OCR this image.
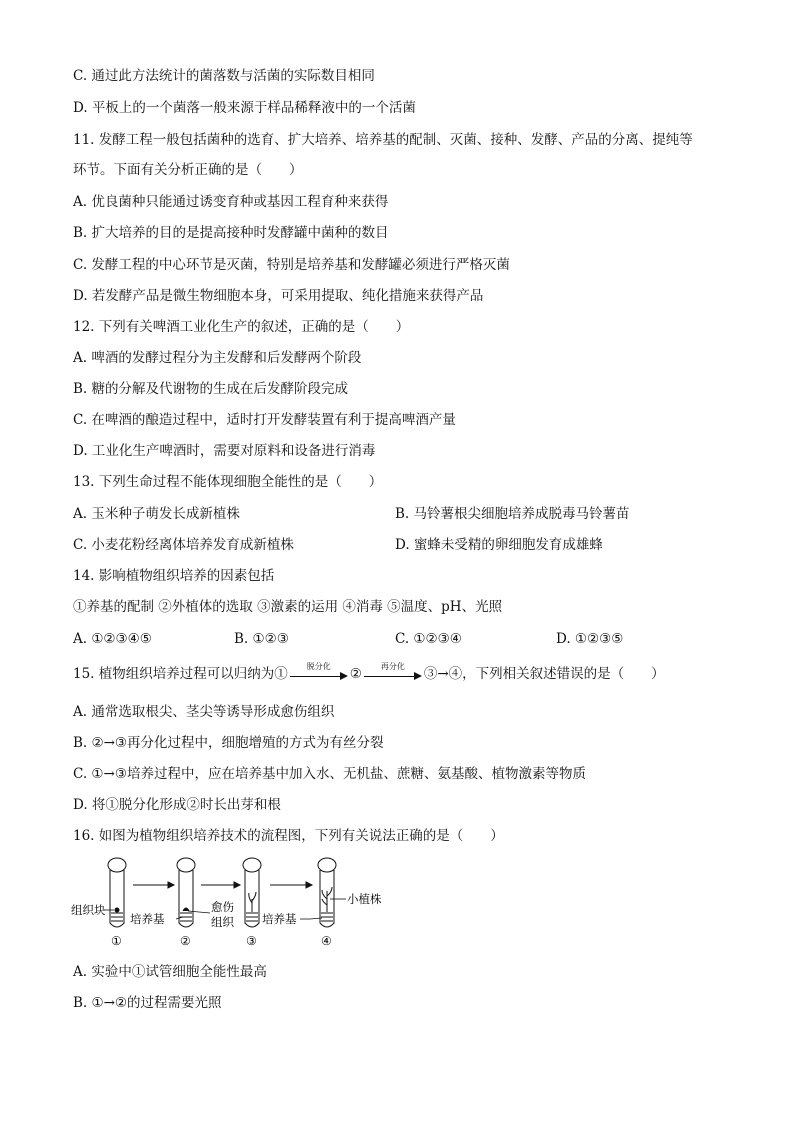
C. 通过此方法统计的菌落数与活菌的实际数目相同
D. 平板上的一个菌落一般来源于样品稀释液中的一个活菌
11. 发酵工程一般包括菌种的选育、扩大培养、培养基的配制、灭菌、接种、发酵、产品的分离、提纯等
环节。下面有关分析正确的是（　　）
A. 优良菌种只能通过诱变育种或基因工程育种来获得
B. 扩大培养的目的是提高接种时发酵罐中菌种的数目
C. 发酵工程的中心环节是灭菌，特别是培养基和发酵罐必须进行严格灭菌
D. 若发酵产品是微生物细胞本身，可采用提取、纯化措施来获得产品
12. 下列有关啤酒工业化生产的叙述，正确的是（　　）
A. 啤酒的发酵过程分为主发酵和后发酵两个阶段
B. 糖的分解及代谢物的生成在后发酵阶段完成
C. 在啤酒的酿造过程中，适时打开发酵装置有利于提高啤酒产量
D. 工业化生产啤酒时，需要对原料和设备进行消毒
13. 下列生命过程不能体现细胞全能性的是（　　）
A. 玉米种子萌发长成新植株	B. 马铃薯根尖细胞培养成脱毒马铃薯苗
C. 小麦花粉经离体培养发育成新植株	D. 蜜蜂未受精的卵细胞发育成雄蜂
14. 影响植物组织培养的因素包括
①养基的配制 ②外植体的选取 ③激素的运用 ④消毒 ⑤温度、pH、光照
A. ①②③④⑤	B. ①②③	C. ①②③④	D. ①②③⑤
15. 植物组织培养过程可以归纳为①	脱分化	②	再分化	③→④，下列相关叙述错误的是（　　）
A. 通常选取根尖、茎尖等诱导形成愈伤组织
B. ②→③再分化过程中，细胞增殖的方式为有丝分裂
C. ①→③培养过程中，应在培养基中加入水、无机盐、蔗糖、氨基酸、植物激素等物质
D. 将①脱分化形成②时长出芽和根
16. 如图为植物组织培养技术的流程图，下列有关说法正确的是（　　）
组织块
培养基
愈伤
组织 培养基
小植株
①	②	③	④
A. 实验中①试管细胞全能性最高
B. ①→②的过程需要光照
